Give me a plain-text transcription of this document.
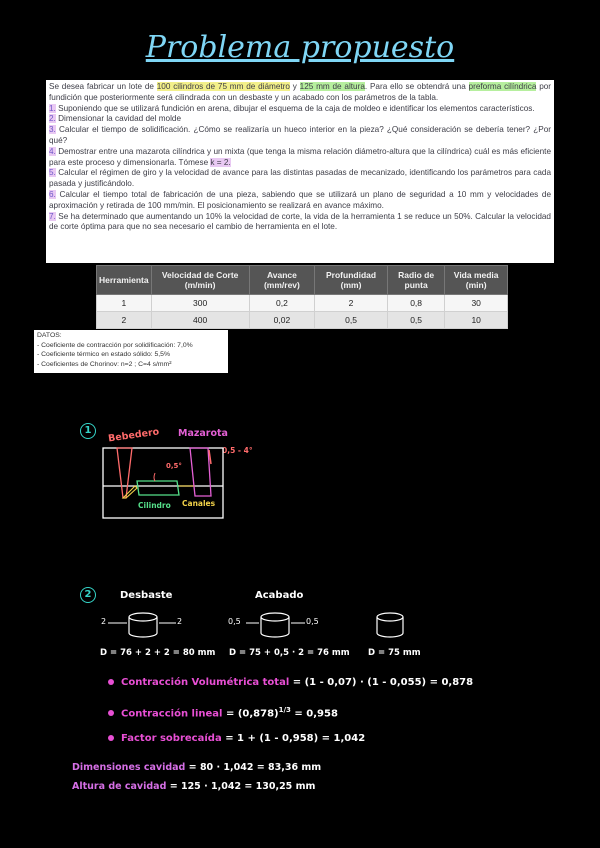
Problema propuesto

Se desea fabricar un lote de 100 cilindros de 75 mm de diámetro y 125 mm de altura. Para ello se obtendrá una preforma cilíndrica por fundición que posteriormente será cilindrada con un desbaste y un acabado con los parámetros de la tabla.

1. Suponiendo que se utilizará fundición en arena, dibujar el esquema de la caja de moldeo e identificar los elementos característicos.

2. Dimensionar la cavidad del molde

3. Calcular el tiempo de solidificación. ¿Cómo se realizaría un hueco interior en la pieza? ¿Qué consideración se debería tener? ¿Por qué?

4. Demostrar entre una mazarota cilíndrica y un mixta (que tenga la misma relación diámetro-altura que la cilíndrica) cuál es más eficiente para este proceso y dimensionarla. Tómese k = 2.

5. Calcular el régimen de giro y la velocidad de avance para las distintas pasadas de mecanizado, identificando los parámetros para cada pasada y justificándolo.

6. Calcular el tiempo total de fabricación de una pieza, sabiendo que se utilizará un plano de seguridad a 10 mm y velocidades de aproximación y retirada de 100 mm/min. El posicionamiento se realizará en avance máximo.

7. Se ha determinado que aumentando un 10% la velocidad de corte, la vida de la herramienta 1 se reduce un 50%. Calcular la velocidad de corte óptima para que no sea necesario el cambio de herramienta en el lote.

Herramienta	Velocidad de Corte (m/min)	Avance (mm/rev)	Profundidad (mm)	Radio de punta	Vida media (min)
1	300	0,2	2	0,8	30
2	400	0,02	0,5	0,5	10
DATOS:
- Coeficiente de contracción por solidificación: 7,0%
- Coeficiente térmico en estado sólido: 5,5%
- Coeficientes de Chorinov: n=2 ; C=4 s/mm²
1	Bebedero Mazarota
0,5 - 4°
0,5°
Cilindro Canales
2	Desbaste	Acabado
2	2	0,5	0,5
D = 76 + 2 + 2 = 80 mm D = 75 + 0,5 · 2 = 76 mm D = 75 mm
Contracción Volumétrica total = (1 - 0,07) · (1 - 0,055) = 0,878
Contracción lineal = $(0,878)^{1/3} = 0,958$
Factor sobrecaída = 1 + (1 - 0,958) = 1,042
Dimensiones cavidad = 80 · 1,042 = 83,36 mm
Altura de cavidad = 125 · 1,042 = 130,25 mm
